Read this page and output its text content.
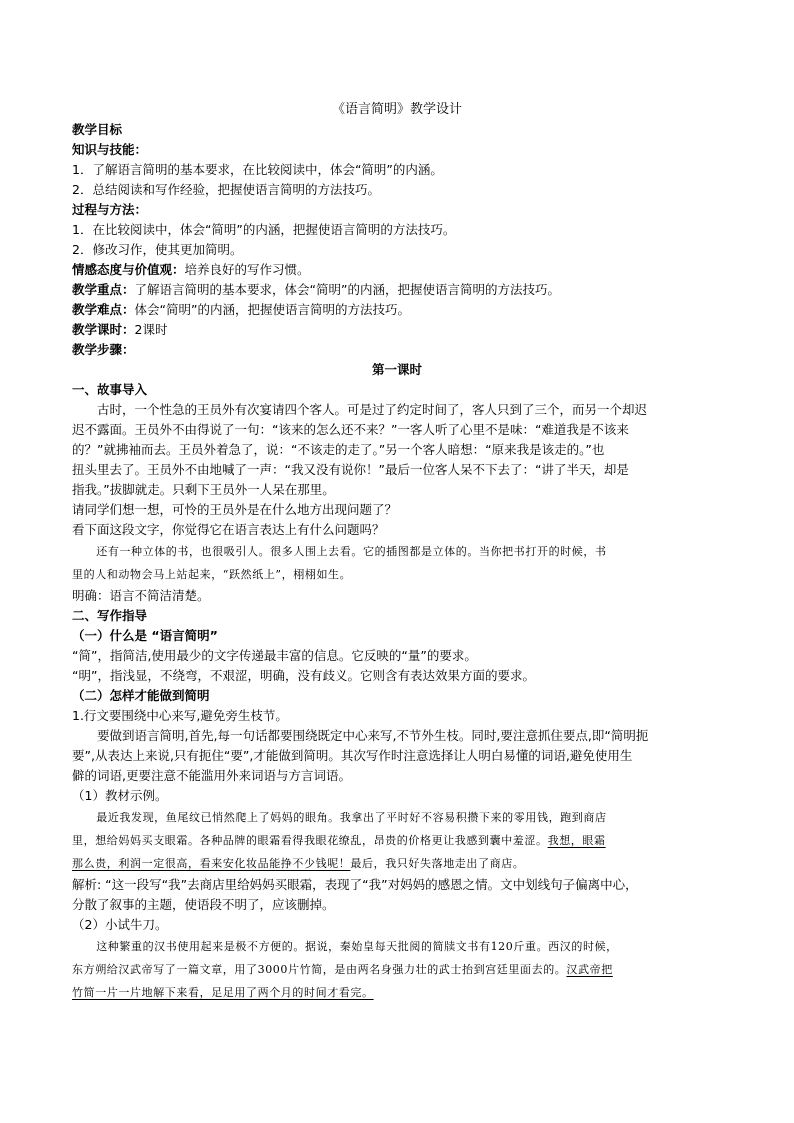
《语言简明》教学设计

教学目标

知识与技能：

1．了解语言简明的基本要求，在比较阅读中，体会“简明”的内涵。

2．总结阅读和写作经验，把握使语言简明的方法技巧。

过程与方法：

1．在比较阅读中，体会“简明”的内涵，把握使语言简明的方法技巧。

2．修改习作，使其更加简明。

情感态度与价值观：培养良好的写作习惯。

教学重点：了解语言简明的基本要求，体会“简明”的内涵，把握使语言简明的方法技巧。

教学难点：体会“简明”的内涵，把握使语言简明的方法技巧。

教学课时：2课时

教学步骤：

第一课时

一、故事导入

古时，一个性急的王员外有次宴请四个客人。可是过了约定时间了，客人只到了三个，而另一个却迟

迟不露面。王员外不由得说了一句：“该来的怎么还不来？”一客人听了心里不是味：“难道我是不该来

的？”就拂袖而去。王员外着急了，说：“不该走的走了。”另一个客人暗想：“原来我是该走的。”也

扭头里去了。王员外不由地喊了一声：“我又没有说你！”最后一位客人呆不下去了：“讲了半天，却是

指我。”拔脚就走。只剩下王员外一人呆在那里。

请同学们想一想，可怜的王员外是在什么地方出现问题了？

看下面这段文字，你觉得它在语言表达上有什么问题吗？

还有一种立体的书，也很吸引人。很多人围上去看。它的插图都是立体的。当你把书打开的时候，书

里的人和动物会马上站起来，“跃然纸上”，栩栩如生。

明确：语言不简洁清楚。

二、写作指导

（一）什么是 “语言简明”

“简”，指简洁,使用最少的文字传递最丰富的信息。它反映的“量”的要求。

“明”，指浅显，不绕弯，不艰涩，明确，没有歧义。它则含有表达效果方面的要求。

（二）怎样才能做到简明

1.行文要围绕中心来写,避免旁生枝节。

要做到语言简明,首先,每一句话都要围绕既定中心来写,不节外生枝。同时,要注意抓住要点,即“简明扼

要”,从表达上来说,只有扼住“要”,才能做到简明。其次写作时注意选择让人明白易懂的词语,避免使用生

僻的词语,更要注意不能滥用外来词语与方言词语。

（1）教材示例。

最近我发现，鱼尾纹已悄然爬上了妈妈的眼角。我拿出了平时好不容易积攒下来的零用钱，跑到商店

里，想给妈妈买支眼霜。各种品牌的眼霜看得我眼花缭乱，昂贵的价格更让我感到囊中羞涩。我想，眼霜

那么贵，利润一定很高，看来安化妆品能挣不少钱呢！最后，我只好失落地走出了商店。

解析: “这一段写“我”去商店里给妈妈买眼霜，表现了“我”对妈妈的感恩之情。文中划线句子偏离中心，

分散了叙事的主题，使语段不明了，应该删掉。

（2）小试牛刀。

这种繁重的汉书使用起来是极不方便的。据说，秦始皇每天批阅的简牍文书有120斤重。西汉的时候，

东方朔给汉武帝写了一篇文章，用了3000片竹简，是由两名身强力壮的武士抬到宫廷里面去的。汉武帝把

竹简一片一片地解下来看，足足用了两个月的时间才看完。
